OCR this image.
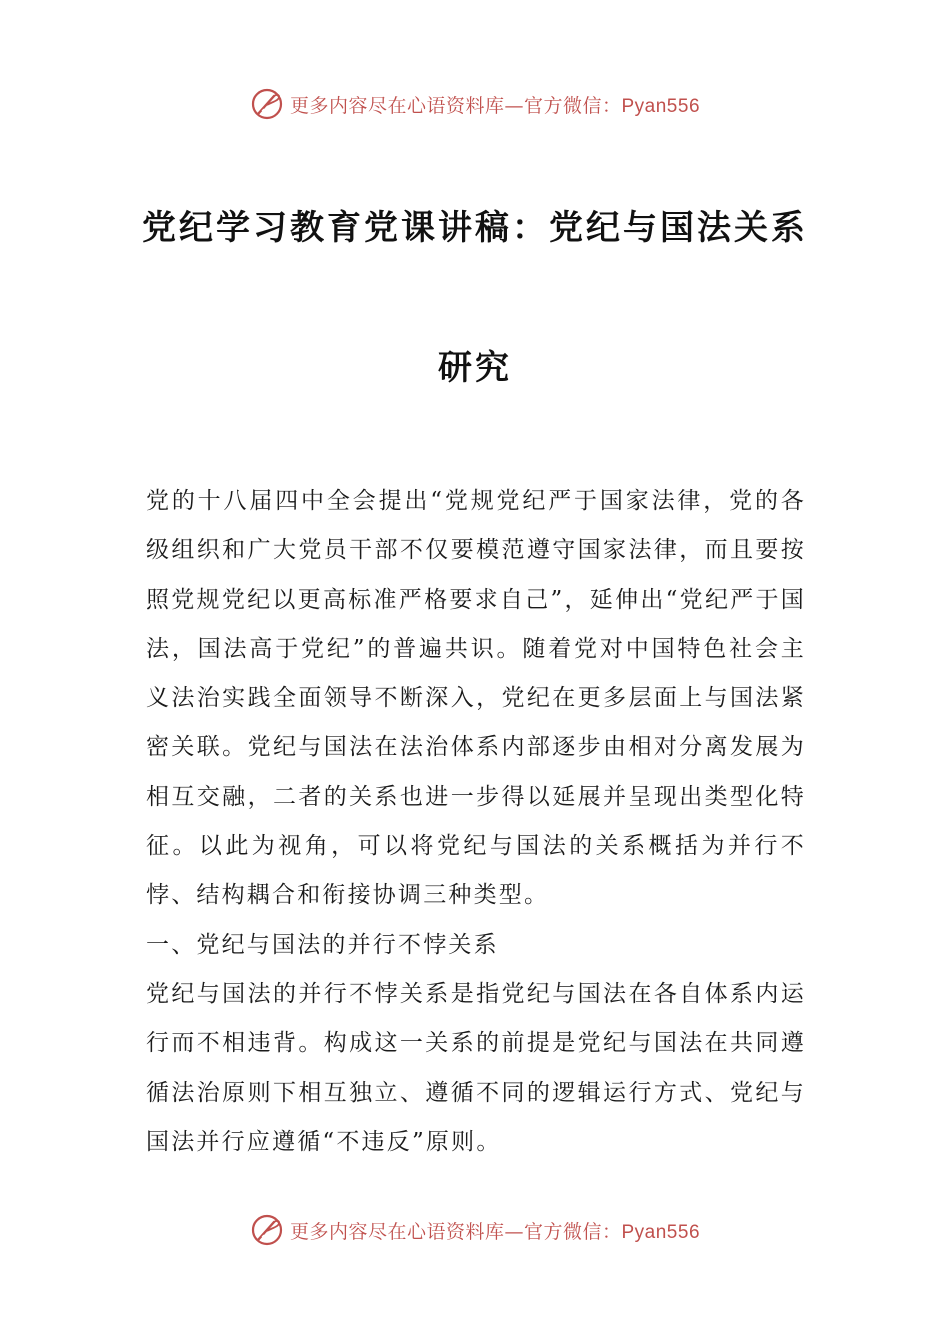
更多内容尽在心语资料库—官方微信：Pyan556
党纪学习教育党课讲稿：党纪与国法关系
研究

党的十八届四中全会提出“党规党纪严于国家法律，党的各级组织和广大党员干部不仅要模范遵守国家法律，而且要按照党规党纪以更高标准严格要求自己”，延伸出“党纪严于国法，国法高于党纪”的普遍共识。随着党对中国特色社会主义法治实践全面领导不断深入，党纪在更多层面上与国法紧密关联。党纪与国法在法治体系内部逐步由相对分离发展为相互交融，二者的关系也进一步得以延展并呈现出类型化特征。以此为视角，可以将党纪与国法的关系概括为并行不悖、结构耦合和衔接协调三种类型。

一、党纪与国法的并行不悖关系

党纪与国法的并行不悖关系是指党纪与国法在各自体系内运行而不相违背。构成这一关系的前提是党纪与国法在共同遵循法治原则下相互独立、遵循不同的逻辑运行方式、党纪与国法并行应遵循“不违反”原则。

更多内容尽在心语资料库—官方微信：Pyan556
